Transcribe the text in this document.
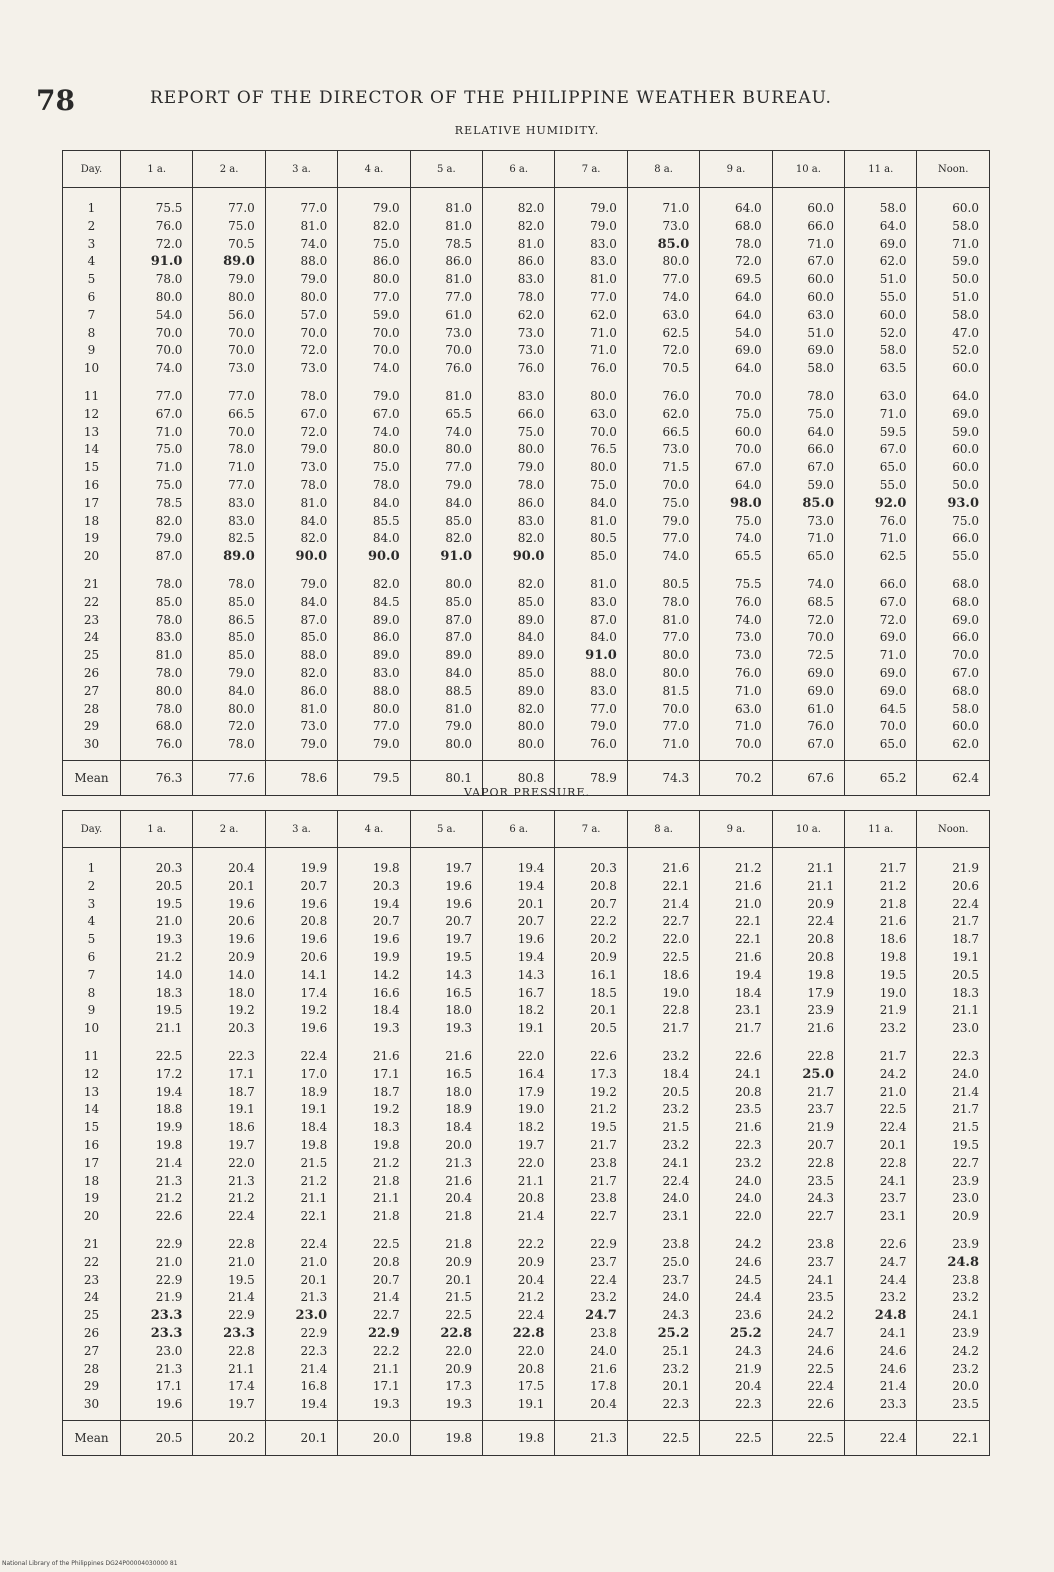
78	REPORT OF THE DIRECTOR OF THE PHILIPPINE WEATHER BUREAU.
RELATIVE HUMIDITY.
Day.	1 a.	2 a.	3 a.	4 a.	5 a.	6 a.	7 a.	8 a.	9 a.	10 a.	11 a.	Noon.
1	75.5	77.0	77.0	79.0	81.0	82.0	79.0	71.0	64.0	60.0	58.0	60.0
2	76.0	75.0	81.0	82.0	81.0	82.0	79.0	73.0	68.0	66.0	64.0	58.0
3	72.0	70.5	74.0	75.0	78.5	81.0	83.0	85.0	78.0	71.0	69.0	71.0
4	91.0	89.0	88.0	86.0	86.0	86.0	83.0	80.0	72.0	67.0	62.0	59.0
5	78.0	79.0	79.0	80.0	81.0	83.0	81.0	77.0	69.5	60.0	51.0	50.0
6	80.0	80.0	80.0	77.0	77.0	78.0	77.0	74.0	64.0	60.0	55.0	51.0
7	54.0	56.0	57.0	59.0	61.0	62.0	62.0	63.0	64.0	63.0	60.0	58.0
8	70.0	70.0	70.0	70.0	73.0	73.0	71.0	62.5	54.0	51.0	52.0	47.0
9	70.0	70.0	72.0	70.0	70.0	73.0	71.0	72.0	69.0	69.0	58.0	52.0
10	74.0	73.0	73.0	74.0	76.0	76.0	76.0	70.5	64.0	58.0	63.5	60.0
11	77.0	77.0	78.0	79.0	81.0	83.0	80.0	76.0	70.0	78.0	63.0	64.0
12	67.0	66.5	67.0	67.0	65.5	66.0	63.0	62.0	75.0	75.0	71.0	69.0
13	71.0	70.0	72.0	74.0	74.0	75.0	70.0	66.5	60.0	64.0	59.5	59.0
14	75.0	78.0	79.0	80.0	80.0	80.0	76.5	73.0	70.0	66.0	67.0	60.0
15	71.0	71.0	73.0	75.0	77.0	79.0	80.0	71.5	67.0	67.0	65.0	60.0
16	75.0	77.0	78.0	78.0	79.0	78.0	75.0	70.0	64.0	59.0	55.0	50.0
17	78.5	83.0	81.0	84.0	84.0	86.0	84.0	75.0	98.0	85.0	92.0	93.0
18	82.0	83.0	84.0	85.5	85.0	83.0	81.0	79.0	75.0	73.0	76.0	75.0
19	79.0	82.5	82.0	84.0	82.0	82.0	80.5	77.0	74.0	71.0	71.0	66.0
20	87.0	89.0	90.0	90.0	91.0	90.0	85.0	74.0	65.5	65.0	62.5	55.0
21	78.0	78.0	79.0	82.0	80.0	82.0	81.0	80.5	75.5	74.0	66.0	68.0
22	85.0	85.0	84.0	84.5	85.0	85.0	83.0	78.0	76.0	68.5	67.0	68.0
23	78.0	86.5	87.0	89.0	87.0	89.0	87.0	81.0	74.0	72.0	72.0	69.0
24	83.0	85.0	85.0	86.0	87.0	84.0	84.0	77.0	73.0	70.0	69.0	66.0
25	81.0	85.0	88.0	89.0	89.0	89.0	91.0	80.0	73.0	72.5	71.0	70.0
26	78.0	79.0	82.0	83.0	84.0	85.0	88.0	80.0	76.0	69.0	69.0	67.0
27	80.0	84.0	86.0	88.0	88.5	89.0	83.0	81.5	71.0	69.0	69.0	68.0
28	78.0	80.0	81.0	80.0	81.0	82.0	77.0	70.0	63.0	61.0	64.5	58.0
29	68.0	72.0	73.0	77.0	79.0	80.0	79.0	77.0	71.0	76.0	70.0	60.0
30	76.0	78.0	79.0	79.0	80.0	80.0	76.0	71.0	70.0	67.0	65.0	62.0
Mean	76.3	77.6	78.6	79.5	80.1	80.8	78.9	74.3	70.2	67.6	65.2	62.4
VAPOR PRESSURE.
Day.	1 a.	2 a.	3 a.	4 a.	5 a.	6 a.	7 a.	8 a.	9 a.	10 a.	11 a.	Noon.
1	20.3	20.4	19.9	19.8	19.7	19.4	20.3	21.6	21.2	21.1	21.7	21.9
2	20.5	20.1	20.7	20.3	19.6	19.4	20.8	22.1	21.6	21.1	21.2	20.6
3	19.5	19.6	19.6	19.4	19.6	20.1	20.7	21.4	21.0	20.9	21.8	22.4
4	21.0	20.6	20.8	20.7	20.7	20.7	22.2	22.7	22.1	22.4	21.6	21.7
5	19.3	19.6	19.6	19.6	19.7	19.6	20.2	22.0	22.1	20.8	18.6	18.7
6	21.2	20.9	20.6	19.9	19.5	19.4	20.9	22.5	21.6	20.8	19.8	19.1
7	14.0	14.0	14.1	14.2	14.3	14.3	16.1	18.6	19.4	19.8	19.5	20.5
8	18.3	18.0	17.4	16.6	16.5	16.7	18.5	19.0	18.4	17.9	19.0	18.3
9	19.5	19.2	19.2	18.4	18.0	18.2	20.1	22.8	23.1	23.9	21.9	21.1
10	21.1	20.3	19.6	19.3	19.3	19.1	20.5	21.7	21.7	21.6	23.2	23.0
11	22.5	22.3	22.4	21.6	21.6	22.0	22.6	23.2	22.6	22.8	21.7	22.3
12	17.2	17.1	17.0	17.1	16.5	16.4	17.3	18.4	24.1	25.0	24.2	24.0
13	19.4	18.7	18.9	18.7	18.0	17.9	19.2	20.5	20.8	21.7	21.0	21.4
14	18.8	19.1	19.1	19.2	18.9	19.0	21.2	23.2	23.5	23.7	22.5	21.7
15	19.9	18.6	18.4	18.3	18.4	18.2	19.5	21.5	21.6	21.9	22.4	21.5
16	19.8	19.7	19.8	19.8	20.0	19.7	21.7	23.2	22.3	20.7	20.1	19.5
17	21.4	22.0	21.5	21.2	21.3	22.0	23.8	24.1	23.2	22.8	22.8	22.7
18	21.3	21.3	21.2	21.8	21.6	21.1	21.7	22.4	24.0	23.5	24.1	23.9
19	21.2	21.2	21.1	21.1	20.4	20.8	23.8	24.0	24.0	24.3	23.7	23.0
20	22.6	22.4	22.1	21.8	21.8	21.4	22.7	23.1	22.0	22.7	23.1	20.9
21	22.9	22.8	22.4	22.5	21.8	22.2	22.9	23.8	24.2	23.8	22.6	23.9
22	21.0	21.0	21.0	20.8	20.9	20.9	23.7	25.0	24.6	23.7	24.7	24.8
23	22.9	19.5	20.1	20.7	20.1	20.4	22.4	23.7	24.5	24.1	24.4	23.8
24	21.9	21.4	21.3	21.4	21.5	21.2	23.2	24.0	24.4	23.5	23.2	23.2
25	23.3	22.9	23.0	22.7	22.5	22.4	24.7	24.3	23.6	24.2	24.8	24.1
26	23.3	23.3	22.9	22.9	22.8	22.8	23.8	25.2	25.2	24.7	24.1	23.9
27	23.0	22.8	22.3	22.2	22.0	22.0	24.0	25.1	24.3	24.6	24.6	24.2
28	21.3	21.1	21.4	21.1	20.9	20.8	21.6	23.2	21.9	22.5	24.6	23.2
29	17.1	17.4	16.8	17.1	17.3	17.5	17.8	20.1	20.4	22.4	21.4	20.0
30	19.6	19.7	19.4	19.3	19.3	19.1	20.4	22.3	22.3	22.6	23.3	23.5
Mean	20.5	20.2	20.1	20.0	19.8	19.8	21.3	22.5	22.5	22.5	22.4	22.1
National Library of the Philippines DG24P00004030000 81
